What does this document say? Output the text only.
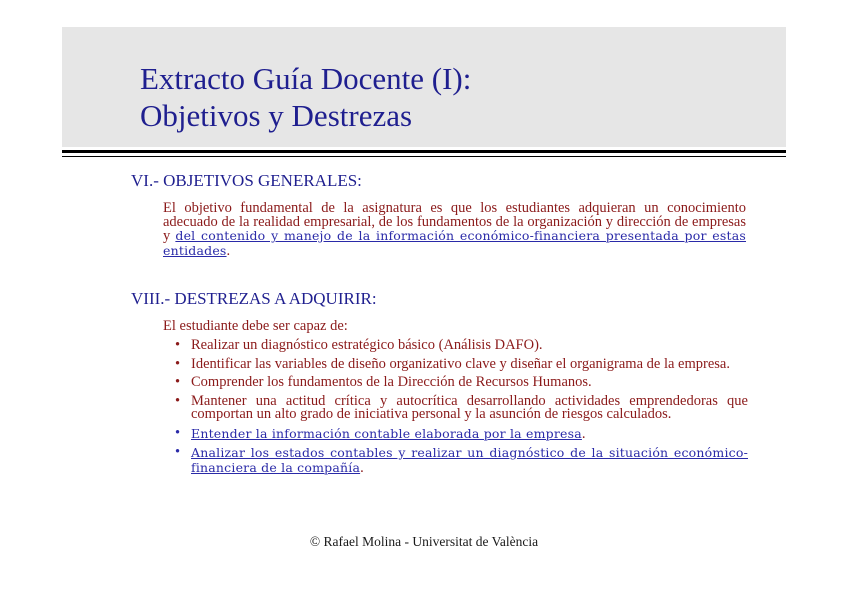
Extracto Guía Docente (I):
Objetivos y Destrezas
VI.- OBJETIVOS GENERALES:
El objetivo fundamental de la asignatura es que los estudiantes adquieran un conocimiento adecuado de la realidad empresarial, de los fundamentos de la organización y dirección de empresas y del contenido y manejo de la información económico-financiera presentada por estas entidades.
VIII.- DESTREZAS A ADQUIRIR:
El estudiante debe ser capaz de:
• Realizar un diagnóstico estratégico básico (Análisis DAFO).
• Identificar las variables de diseño organizativo clave y diseñar el organigrama de la empresa.
• Comprender los fundamentos de la Dirección de Recursos Humanos.
• Mantener una actitud crítica y autocrítica desarrollando actividades emprendedoras que comportan un alto grado de iniciativa personal y la asunción de riesgos calculados.
• Entender la información contable elaborada por la empresa.
• Analizar los estados contables y realizar un diagnóstico de la situación económico-financiera de la compañía.
© Rafael Molina - Universitat de València
